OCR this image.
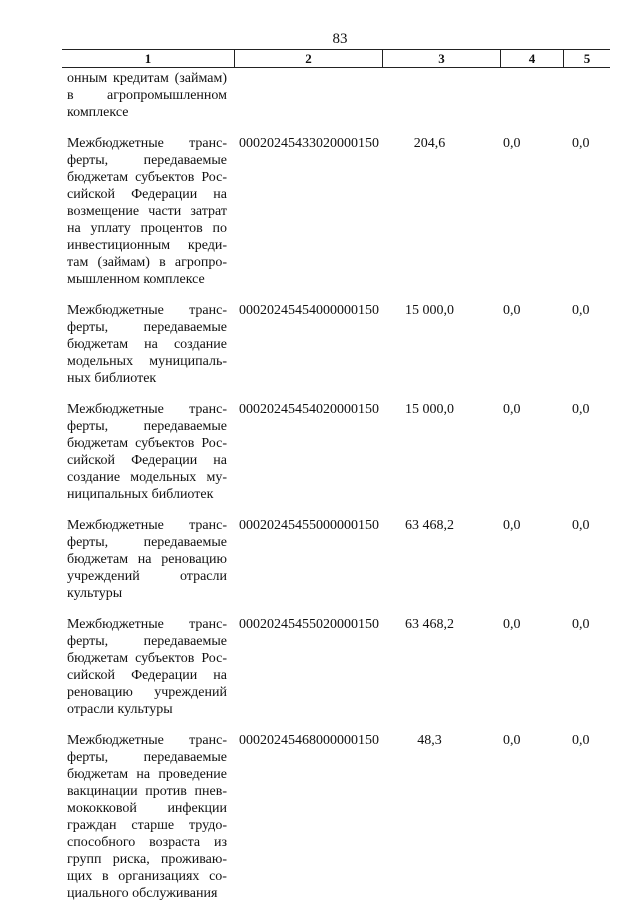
83
1	2	3	4	5
онным кредитам (займам)
в агропромышленном
комплексе
Межбюджетные транс-
ферты,	передаваемые
бюджетам субъектов Рос-
сийской Федерации на
возмещение части затрат
на уплату процентов по
инвестиционным креди-
там (займам) в агропро-
мышленном комплексе
00020245433020000150	204,6	0,0	0,0
Межбюджетные транс-
ферты,	передаваемые
бюджетам на создание
модельных муниципаль-
ных библиотек
00020245454000000150	15 000,0	0,0	0,0
Межбюджетные транс-
ферты,	передаваемые
бюджетам субъектов Рос-
сийской Федерации на
создание модельных му-
ниципальных библиотек
00020245454020000150	15 000,0	0,0	0,0
Межбюджетные транс-
ферты,	передаваемые
бюджетам на реновацию
учреждений	отрасли
культуры
00020245455000000150	63 468,2	0,0	0,0
Межбюджетные транс-
ферты,	передаваемые
бюджетам субъектов Рос-
сийской Федерации на
реновацию учреждений
отрасли культуры
00020245455020000150	63 468,2	0,0	0,0
Межбюджетные транс-
ферты,	передаваемые
бюджетам на проведение
вакцинации против пнев-
мококковой инфекции
граждан старше трудо-
способного возраста из
групп риска, проживаю-
щих в организациях со-
циального обслуживания
00020245468000000150	48,3	0,0	0,0
